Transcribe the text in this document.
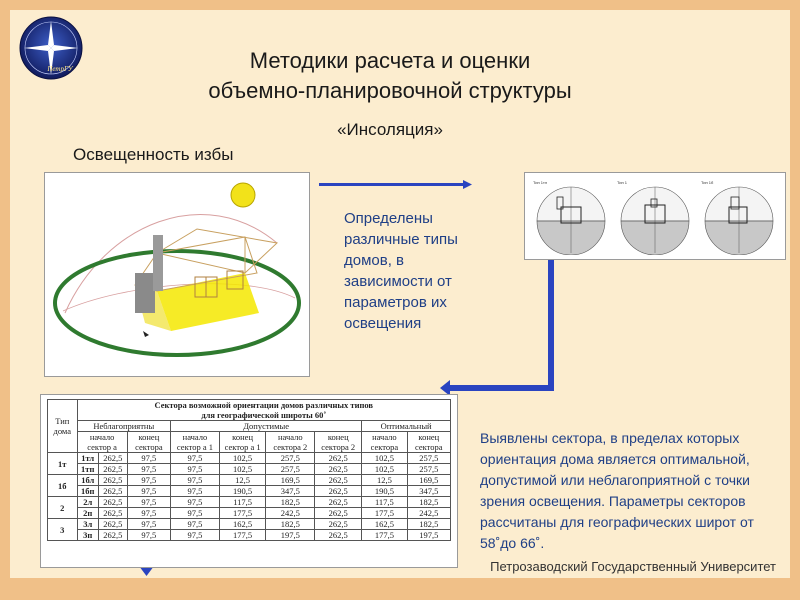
ПетрГУ	Методики расчета и оценки
объемно-планировочной структуры
«Инсоляция»
Освещенность избы
Тип 1тл	Тип 1	Тип 1б
Определены различные типы домов, в зависимости от параметров их освещения
Тип дома	Сектора возможной ориентации домов различных типов
для географической широты 60˚								

	Неблагоприятны			Допустимые				Оптимальный	
	начало сектор а		конец сектора	начало сектор а 1	конец сектор а 1	начало сектора 2	конец сектора 2	начало сектора	конец сектора
1т	1тл	262,5	97,5	97,5	102,5	257,5	262,5	102,5	257,5
	1тп	262,5	97,5	97,5	102,5	257,5	262,5	102,5	257,5
1б	1бл	262,5	97,5	97,5	12,5	169,5	262,5	12,5	169,5
	1бп	262,5	97,5	97,5	190,5	347,5	262,5	190,5	347,5
2	2л	262,5	97,5	97,5	117,5	182,5	262,5	117,5	182,5
	2п	262,5	97,5	97,5	177,5	242,5	262,5	177,5	242,5
3	3л	262,5	97,5	97,5	162,5	182,5	262,5	162,5	182,5
	3п	262,5	97,5	97,5	177,5	197,5	262,5	177,5	197,5
Выявлены сектора, в пределах которых ориентация дома является оптимальной, допустимой или неблагоприятной с точки зрения освещения. Параметры секторов рассчитаны для географических широт от 58˚до 66˚.
Петрозаводский Государственный Университет
